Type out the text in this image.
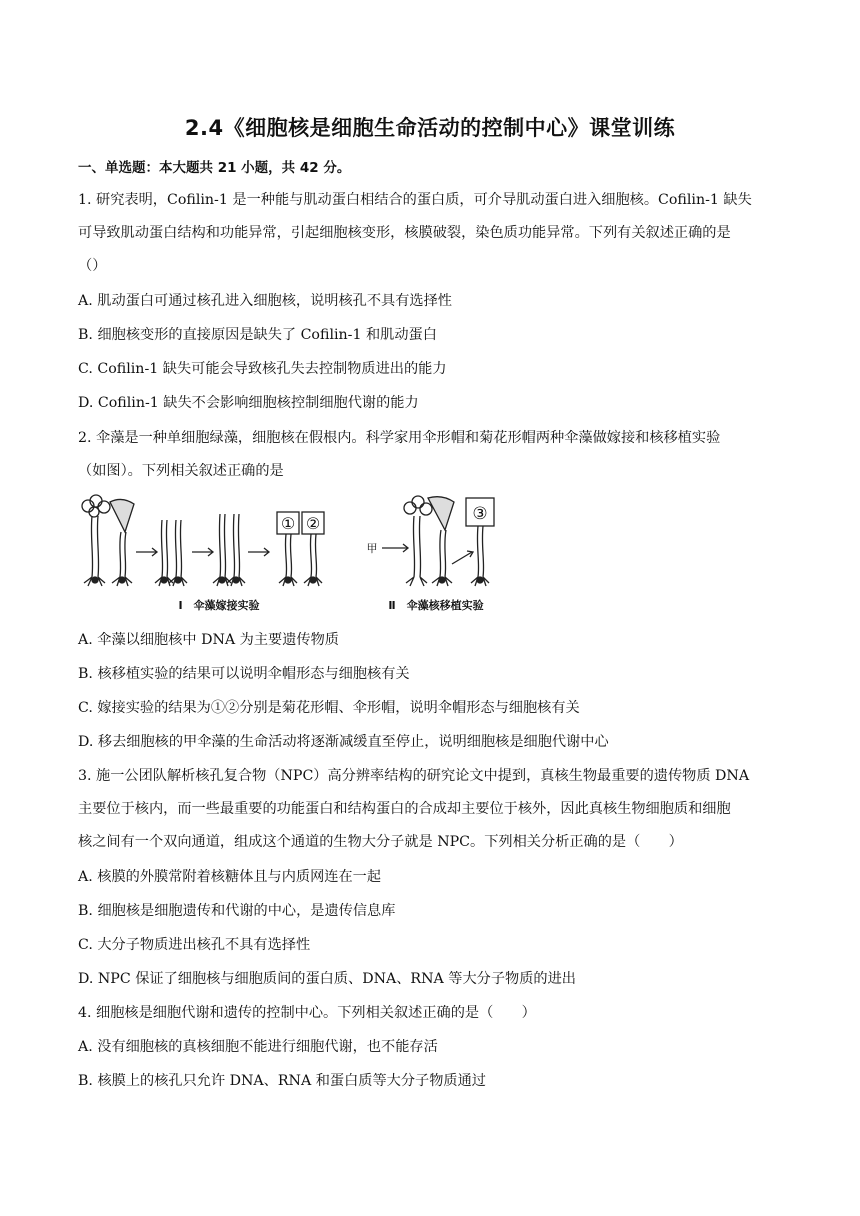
2.4《细胞核是细胞生命活动的控制中心》课堂训练
一、单选题：本大题共 21 小题，共 42 分。
1. 研究表明，Cofilin-1 是一种能与肌动蛋白相结合的蛋白质，可介导肌动蛋白进入细胞核。Cofilin-1 缺失
可导致肌动蛋白结构和功能异常，引起细胞核变形，核膜破裂，染色质功能异常。下列有关叙述正确的是
（）
A. 肌动蛋白可通过核孔进入细胞核，说明核孔不具有选择性
B. 细胞核变形的直接原因是缺失了 Cofilin-1 和肌动蛋白
C. Cofilin-1 缺失可能会导致核孔失去控制物质进出的能力
D. Cofilin-1 缺失不会影响细胞核控制细胞代谢的能力
2. 伞藻是一种单细胞绿藻，细胞核在假根内。科学家用伞形帽和菊花形帽两种伞藻做嫁接和核移植实验
（如图）。下列相关叙述正确的是
① ②	③
甲
Ⅰ　伞藻嫁接实验	Ⅱ　伞藻核移植实验
A. 伞藻以细胞核中 DNA 为主要遗传物质
B. 核移植实验的结果可以说明伞帽形态与细胞核有关
C. 嫁接实验的结果为①②分别是菊花形帽、伞形帽，说明伞帽形态与细胞核有关
D. 移去细胞核的甲伞藻的生命活动将逐渐减缓直至停止，说明细胞核是细胞代谢中心
3. 施一公团队解析核孔复合物（NPC）高分辨率结构的研究论文中提到，真核生物最重要的遗传物质 DNA
主要位于核内，而一些最重要的功能蛋白和结构蛋白的合成却主要位于核外，因此真核生物细胞质和细胞
核之间有一个双向通道，组成这个通道的生物大分子就是 NPC。下列相关分析正确的是（　　）
A. 核膜的外膜常附着核糖体且与内质网连在一起
B. 细胞核是细胞遗传和代谢的中心，是遗传信息库
C. 大分子物质进出核孔不具有选择性
D. NPC 保证了细胞核与细胞质间的蛋白质、DNA、RNA 等大分子物质的进出
4. 细胞核是细胞代谢和遗传的控制中心。下列相关叙述正确的是（　　）
A. 没有细胞核的真核细胞不能进行细胞代谢，也不能存活
B. 核膜上的核孔只允许 DNA、RNA 和蛋白质等大分子物质通过
